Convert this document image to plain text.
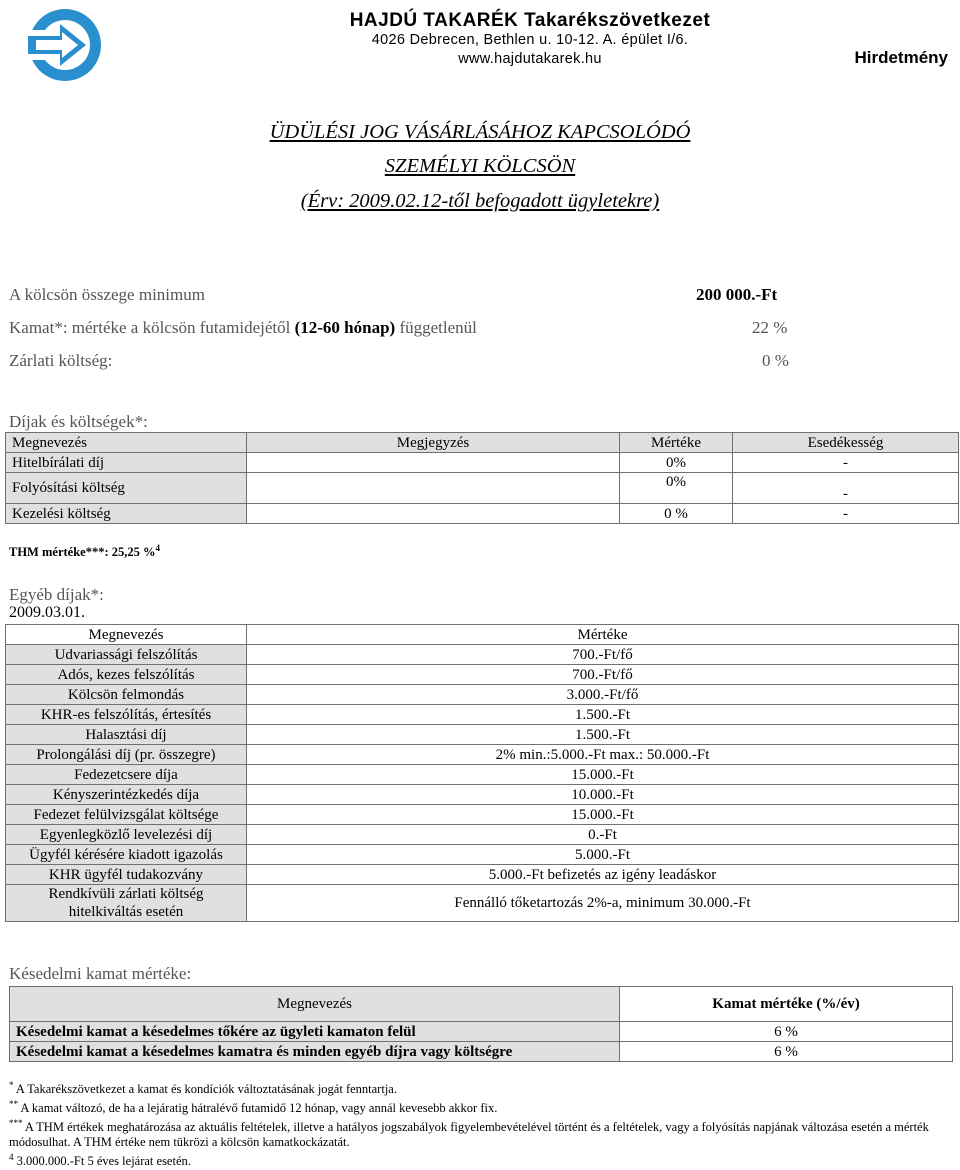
HAJDÚ TAKARÉK Takarékszövetkezet
4026 Debrecen, Bethlen u. 10-12. A. épület I/6.
www.hajdutakarek.hu	Hirdetmény
ÜDÜLÉSI JOG VÁSÁRLÁSÁHOZ KAPCSOLÓDÓ
SZEMÉLYI KÖLCSÖN
(Érv: 2009.02.12-től befogadott ügyletekre)
A kölcsön összege minimum	200 000.-Ft
Kamat*: mértéke a kölcsön futamidejétől (12-60 hónap) függetlenül	22 %
Zárlati költség:	0 %
Díjak és költségek*:
Megnevezés	Megjegyzés	Mértéke	Esedékesség
Hitelbírálati díj		0%	-
Folyósítási költség		0%	-
Kezelési költség		0 %	-
THM mértéke***: 25,25 %$^4$
Egyéb díjak*:
2009.03.01.
Megnevezés	Mértéke
Udvariassági felszólítás	700.-Ft/fő
Adós, kezes felszólítás	700.-Ft/fő
Kölcsön felmondás	3.000.-Ft/fő
KHR-es felszólítás, értesítés	1.500.-Ft
Halasztási díj	1.500.-Ft
Prolongálási díj (pr. összegre)	2% min.:5.000.-Ft max.: 50.000.-Ft
Fedezetcsere díja	15.000.-Ft
Kényszerintézkedés díja	10.000.-Ft
Fedezet felülvizsgálat költsége	15.000.-Ft
Egyenlegközlő levelezési díj	0.-Ft
Ügyfél kérésére kiadott igazolás	5.000.-Ft
KHR ügyfél tudakozvány	5.000.-Ft befizetés az igény leadáskor

Rendkívüli zárlati költség
hitelkiváltás esetén	Fennálló tőketartozás 2%-a, minimum 30.000.-Ft
Késedelmi kamat mértéke:
Megnevezés	Kamat mértéke (%/év)
Késedelmi kamat a késedelmes tőkére az ügyleti kamaton felül	6 %
Késedelmi kamat a késedelmes kamatra és minden egyéb díjra vagy költségre	6 %
* A Takarékszövetkezet a kamat és kondíciók változtatásának jogát fenntartja.
** A kamat változó, de ha a lejáratig hátralévő futamidő 12 hónap, vagy annál kevesebb akkor fix.
*** A THM értékek meghatározása az aktuális feltételek, illetve a hatályos jogszabályok figyelembevételével történt és a feltételek, vagy a folyósítás napjának változása esetén a mérték módosulhat. A THM értéke nem tükrözi a kölcsön kamatkockázatát.
$^4$ 3.000.000.-Ft 5 éves lejárat esetén.
